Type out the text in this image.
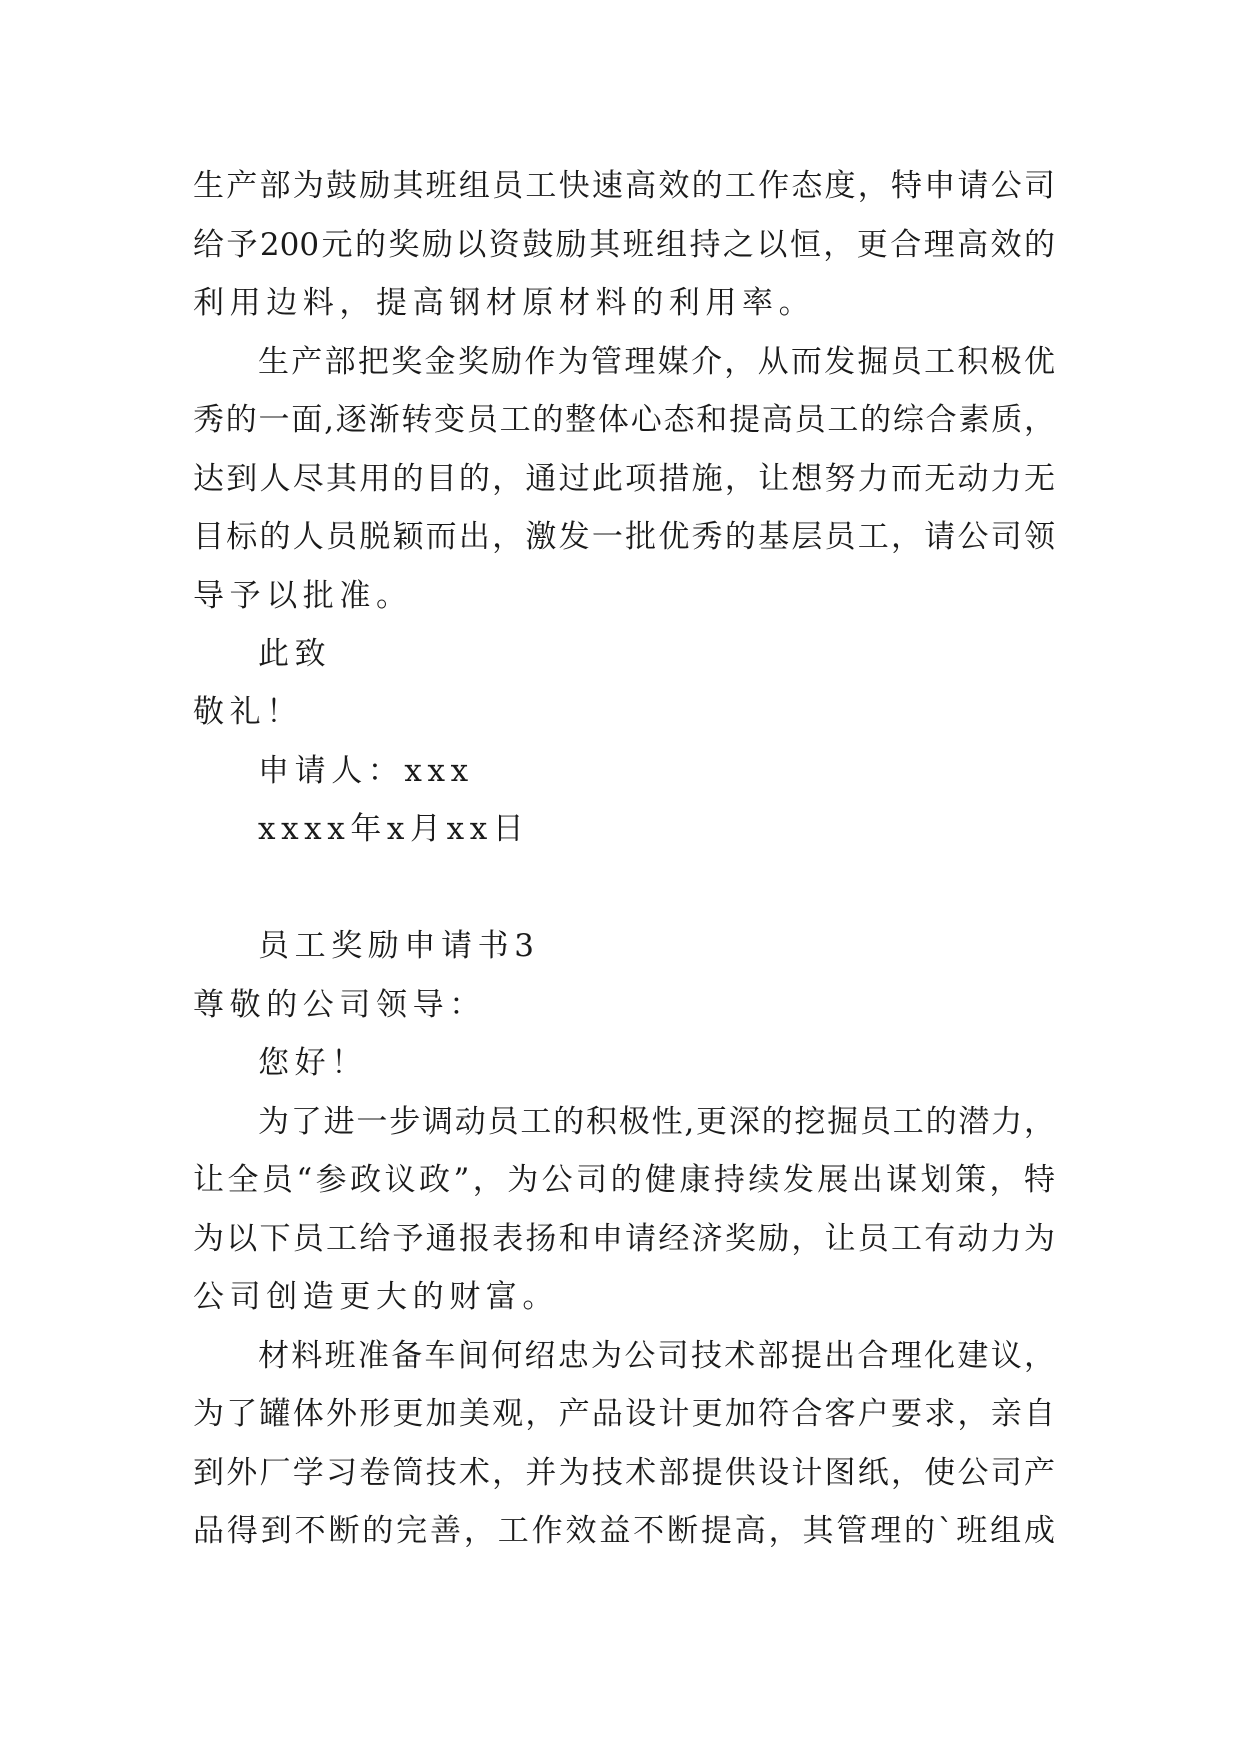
生产部为鼓励其班组员工快速高效的工作态度，特申请公司
给予200元的奖励以资鼓励其班组持之以恒，更合理高效的
利用边料，提高钢材原材料的利用率。
生产部把奖金奖励作为管理媒介，从而发掘员工积极优
秀的一面,逐渐转变员工的整体心态和提高员工的综合素质，
达到人尽其用的目的，通过此项措施，让想努力而无动力无
目标的人员脱颖而出，激发一批优秀的基层员工，请公司领
导予以批准。
此致
敬礼！
申请人：xxx
xxxx年x月xx日
员工奖励申请书3
尊敬的公司领导：
您好！
为了进一步调动员工的积极性,更深的挖掘员工的潜力，
让全员“参政议政”，为公司的健康持续发展出谋划策，特
为以下员工给予通报表扬和申请经济奖励，让员工有动力为
公司创造更大的财富。
材料班准备车间何绍忠为公司技术部提出合理化建议，
为了罐体外形更加美观，产品设计更加符合客户要求，亲自
到外厂学习卷筒技术，并为技术部提供设计图纸，使公司产
品得到不断的完善，工作效益不断提高，其管理的`班组成
